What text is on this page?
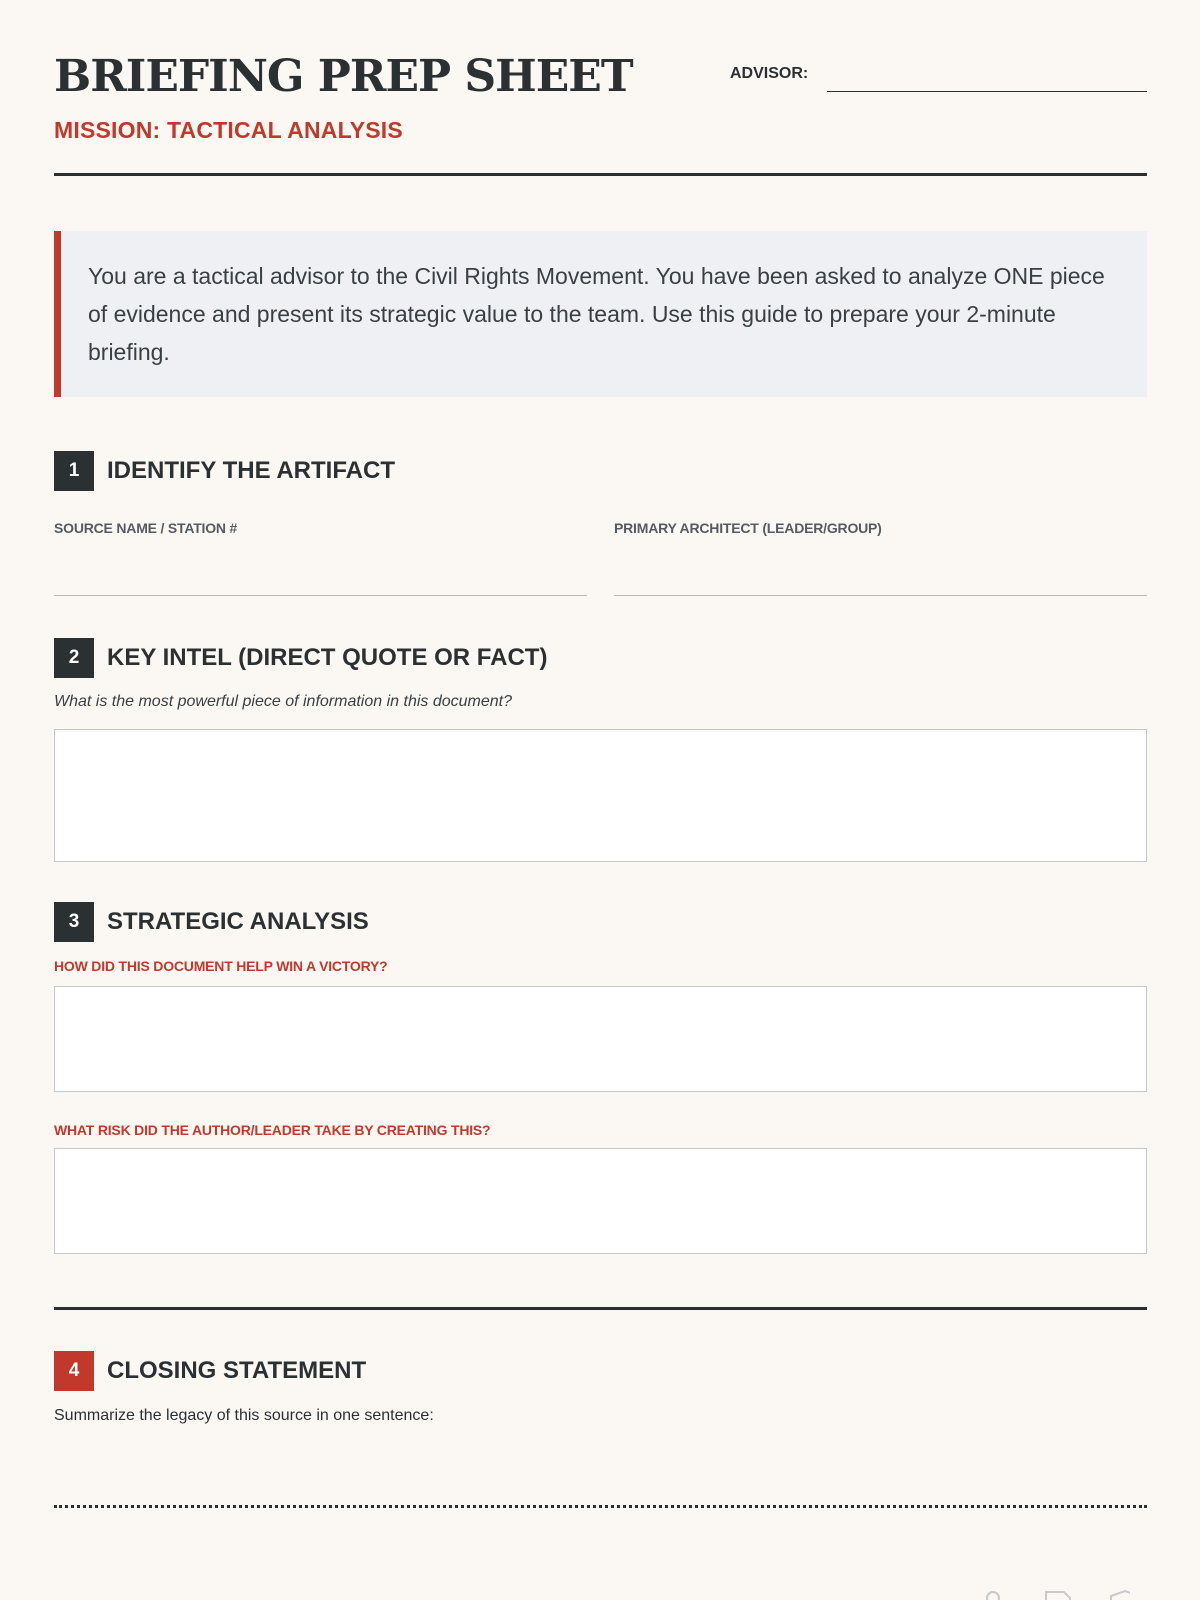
BRIEFING PREP SHEET
MISSION: TACTICAL ANALYSIS
ADVISOR:
You are a tactical advisor to the Civil Rights Movement. You have been asked to analyze ONE piece of evidence and present its strategic value to the team. Use this guide to prepare your 2-minute briefing.
1	IDENTIFY THE ARTIFACT
SOURCE NAME / STATION #	PRIMARY ARCHITECT (LEADER/GROUP)
2	KEY INTEL (DIRECT QUOTE OR FACT)
What is the most powerful piece of information in this document?
3	STRATEGIC ANALYSIS
HOW DID THIS DOCUMENT HELP WIN A VICTORY?
WHAT RISK DID THE AUTHOR/LEADER TAKE BY CREATING THIS?
4	CLOSING STATEMENT
Summarize the legacy of this source in one sentence:
